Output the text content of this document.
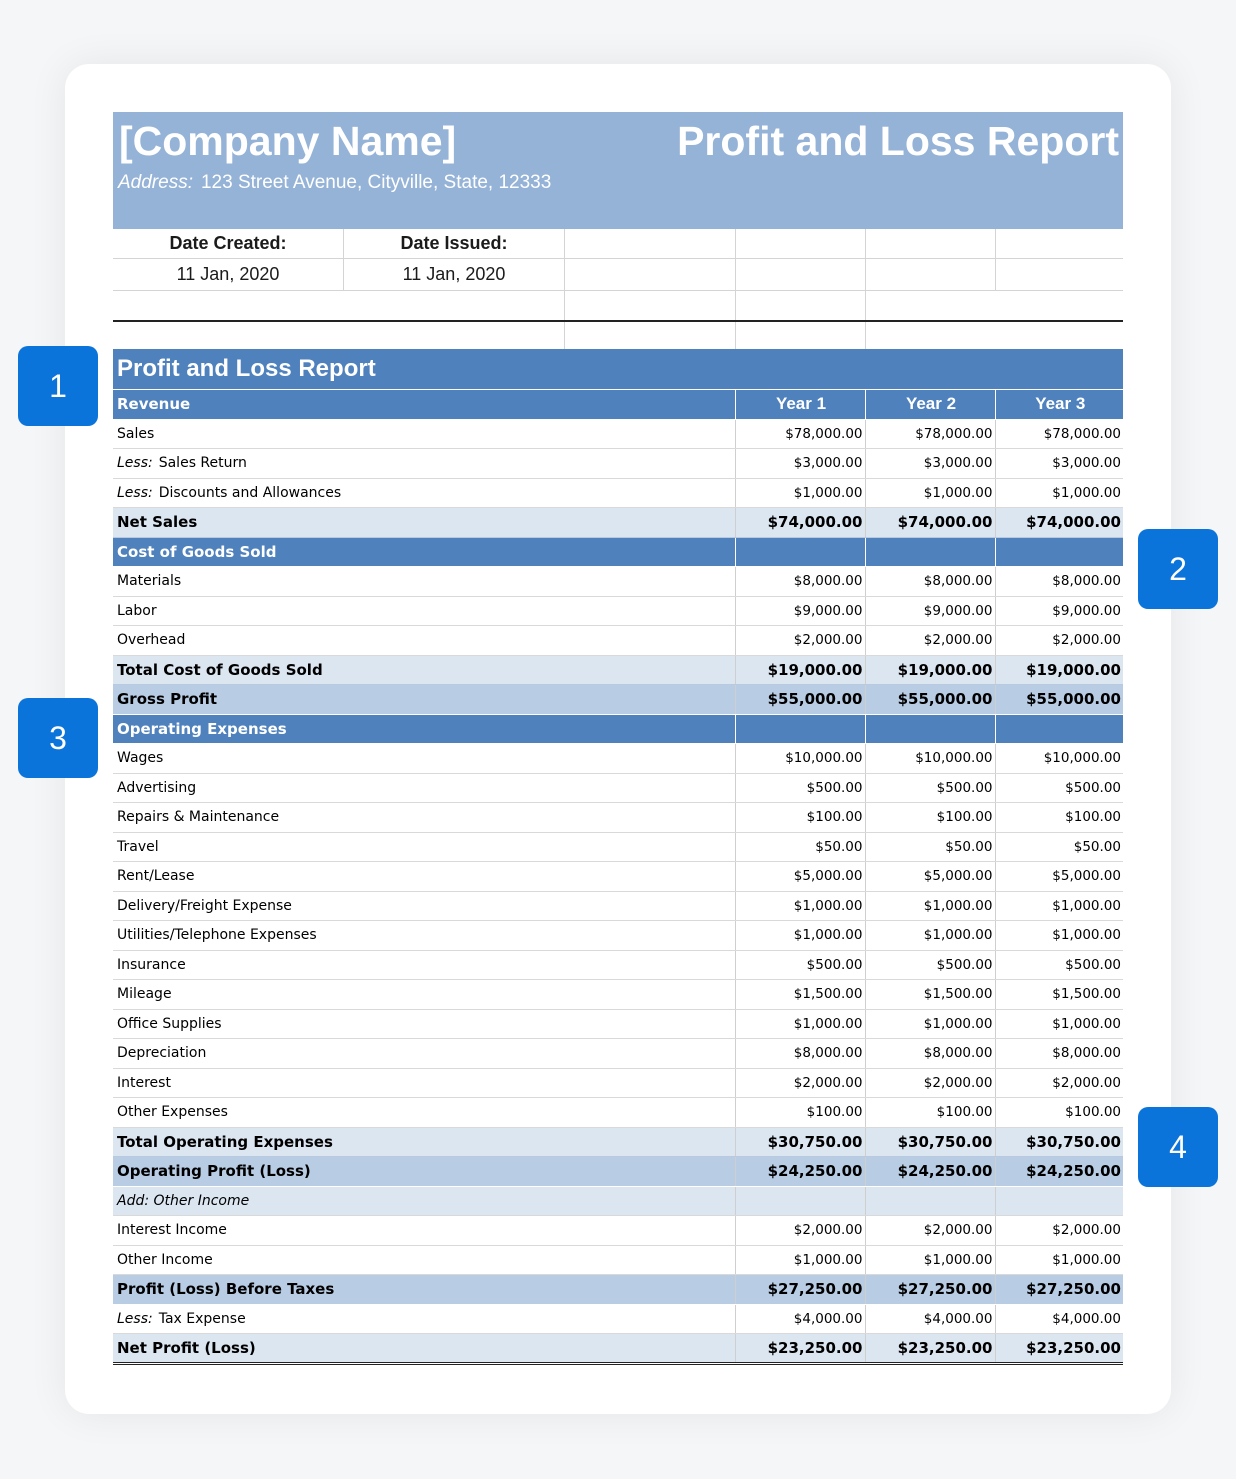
[Company Name]	Profit and Loss Report
Address: 123 Street Avenue, Cityville, State, 12333
Date Created:
11 Jan, 2020
Date Issued:
11 Jan, 2020
Profit and Loss Report			
Revenue	Year 1	Year 2	Year 3
Sales	$78,000.00	$78,000.00	$78,000.00
Less: Sales Return	$3,000.00	$3,000.00	$3,000.00
Less: Discounts and Allowances	$1,000.00	$1,000.00	$1,000.00
Net Sales	$74,000.00	$74,000.00	$74,000.00
Cost of Goods Sold			
Materials	$8,000.00	$8,000.00	$8,000.00
Labor	$9,000.00	$9,000.00	$9,000.00
Overhead	$2,000.00	$2,000.00	$2,000.00
Total Cost of Goods Sold	$19,000.00	$19,000.00	$19,000.00
Gross Profit	$55,000.00	$55,000.00	$55,000.00
Operating Expenses			
Wages	$10,000.00	$10,000.00	$10,000.00
Advertising	$500.00	$500.00	$500.00
Repairs & Maintenance	$100.00	$100.00	$100.00
Travel	$50.00	$50.00	$50.00
Rent/Lease	$5,000.00	$5,000.00	$5,000.00
Delivery/Freight Expense	$1,000.00	$1,000.00	$1,000.00
Utilities/Telephone Expenses	$1,000.00	$1,000.00	$1,000.00
Insurance	$500.00	$500.00	$500.00
Mileage	$1,500.00	$1,500.00	$1,500.00
Office Supplies	$1,000.00	$1,000.00	$1,000.00
Depreciation	$8,000.00	$8,000.00	$8,000.00
Interest	$2,000.00	$2,000.00	$2,000.00
Other Expenses	$100.00	$100.00	$100.00
Total Operating Expenses	$30,750.00	$30,750.00	$30,750.00
Operating Profit (Loss)	$24,250.00	$24,250.00	$24,250.00
Add: Other Income			
Interest Income	$2,000.00	$2,000.00	$2,000.00
Other Income	$1,000.00	$1,000.00	$1,000.00
Profit (Loss) Before Taxes	$27,250.00	$27,250.00	$27,250.00
Less: Tax Expense	$4,000.00	$4,000.00	$4,000.00
Net Profit (Loss)	$23,250.00	$23,250.00	$23,250.00
1
2
3
4
